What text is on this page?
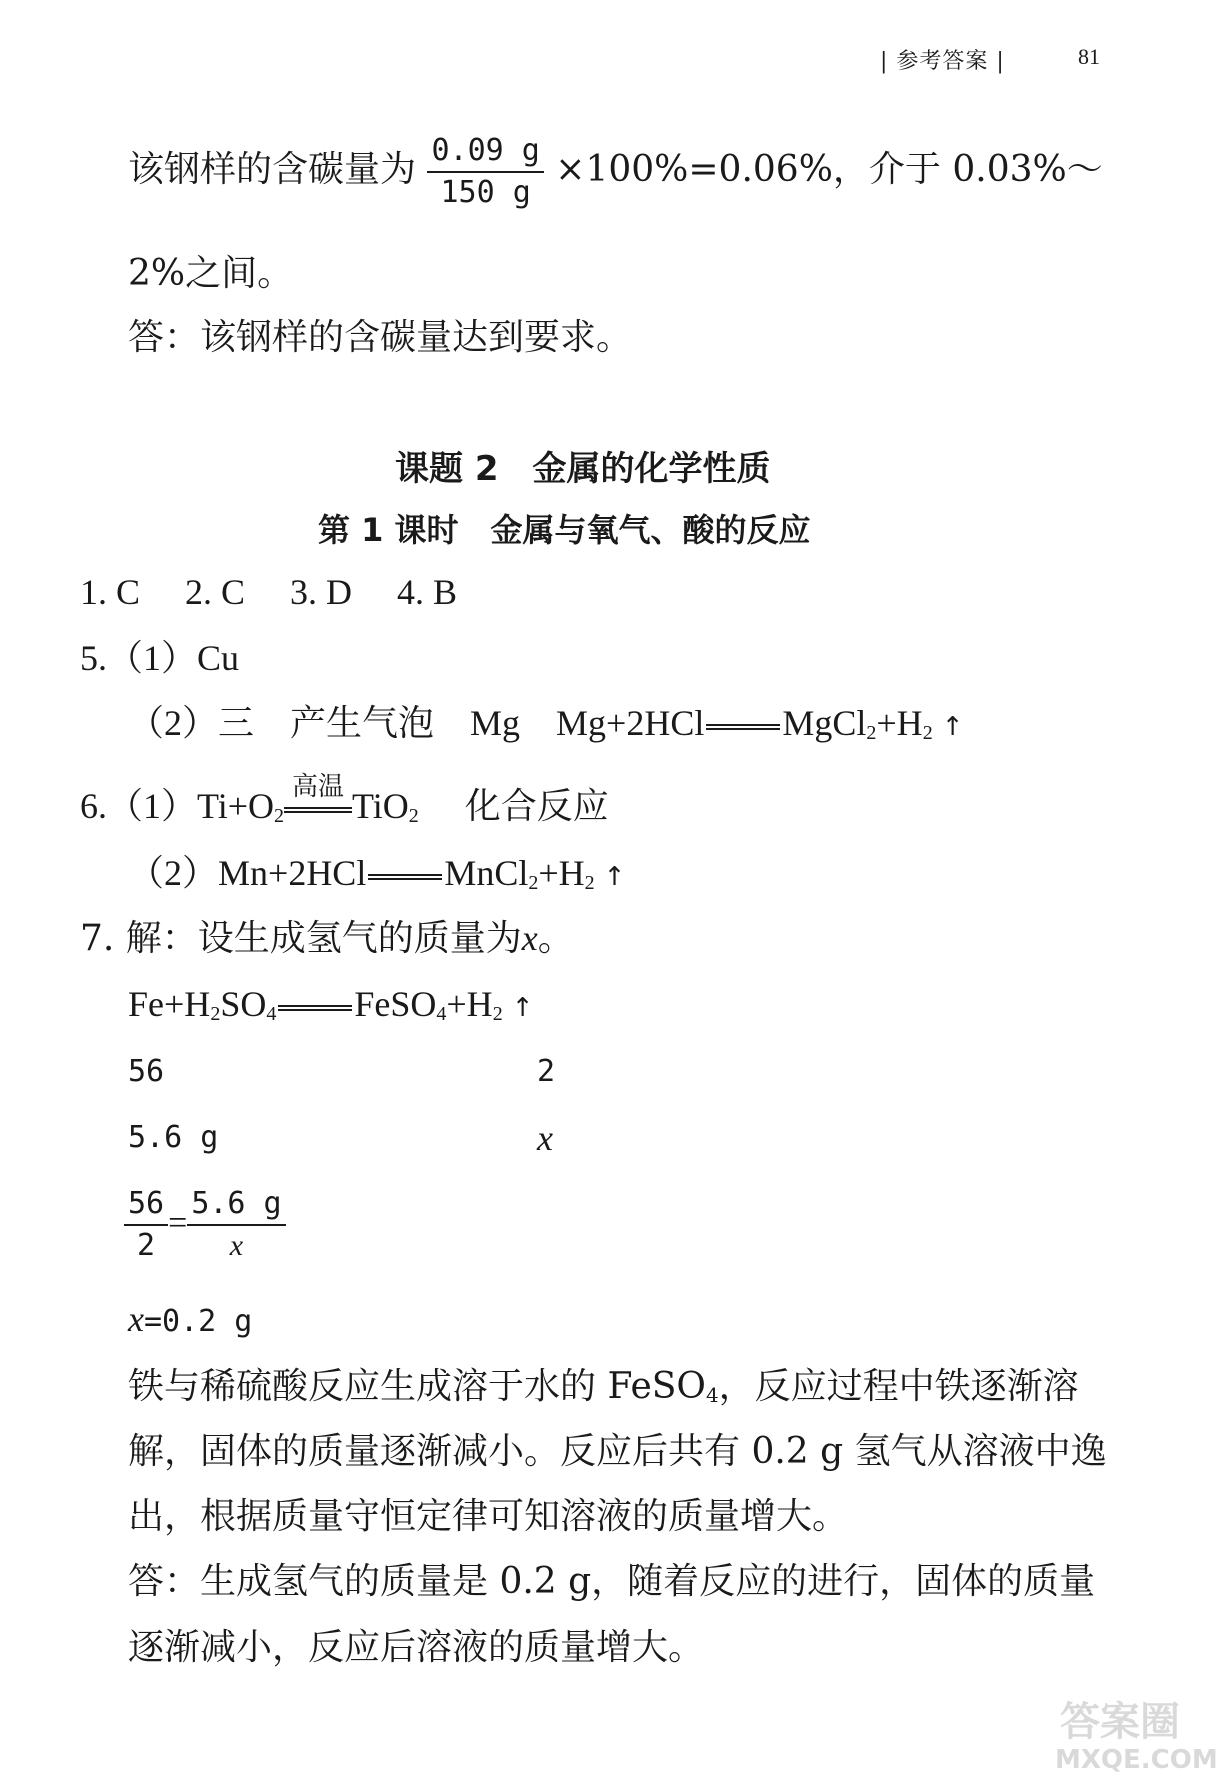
| 参考答案 |	81
该钢样的含碳量为 $\frac{0.09 g}{150 g} \times 100\%=0.06\%$，介于 0.03%～
2%之间。
答：该钢样的含碳量达到要求。
课题 2　金属的化学性质
第 1 课时　金属与氧气、酸的反应
1. C　 2. C　 3. D　 4. B
5.（1）Cu
（2）三　产生气泡　Mg　Mg+2HCl $MgCl_2+H_2$ ↑
$6.(1)Ti+O_2$
高温 TiO$_2$ 化合反应
（2）Mn+2HCl $MnCl_2+H_2$ ↑
7. 解：设生成氢气的质量为x。
$Fe+H_2SO_4$ $FeSO_4+H_2$ ↑
56	2
5.6 g	x
$\frac{56}{2} = \frac{5.6 g}{x}$
x=0.2 g
铁与稀硫酸反应生成溶于水的 FeSO$_4$，反应过程中铁逐渐溶
解，固体的质量逐渐减小。反应后共有 0.2 g 氢气从溶液中逸
出，根据质量守恒定律可知溶液的质量增大。
答：生成氢气的质量是 0.2 g，随着反应的进行，固体的质量
逐渐减小，反应后溶液的质量增大。
答案圈
MXQE.COM
